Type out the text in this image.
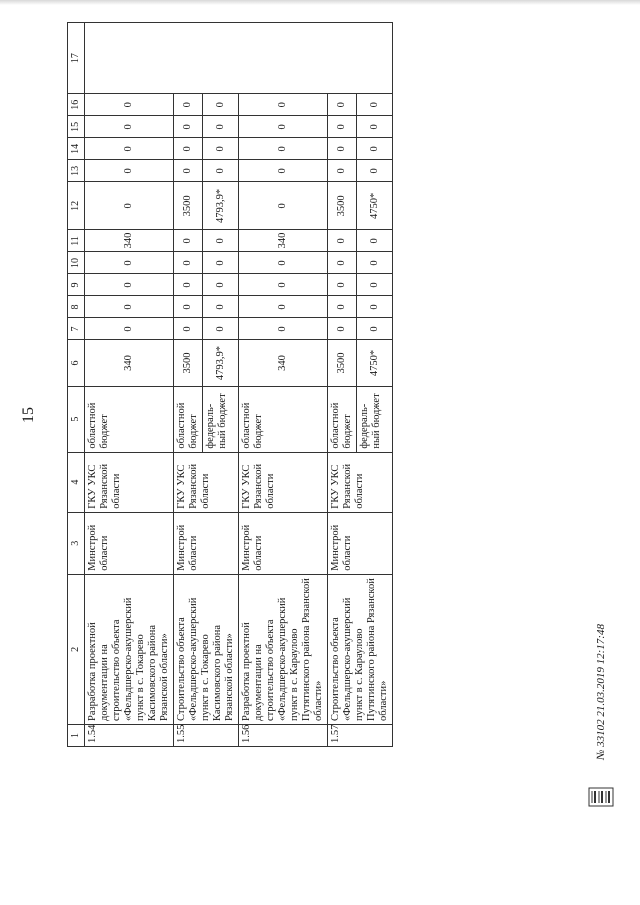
15
1	2	3	4	5	6	7	8	9	10	11	12	13	14	15	16	17
1.54	Разработка проектной документации на строительство объекта «Фельдшерско-акушерский пункт в с. Токарево Касимовского района Рязанской области»	Минстрой области	ГКУ УКС Рязанской области	областной бюджет	340	0	0	0	0	340	0	0	0	0	0	
1.55	Строительство объекта «Фельдшерско-акушерский пункт в с. Токарево Касимовского района Рязанской области»	Минстрой области	ГКУ УКС Рязанской области	областной бюджет	3500	0	0	0	0	0	3500	0	0	0	0	
				федераль-ный бюджет	4793,9*	0	0	0	0	0	4793,9*	0	0	0	0	
1.56	Разработка проектной документации на строительство объекта «Фельдшерско-акушерский пункт в с. Караулово Путятинского района Рязанской области»	Минстрой области	ГКУ УКС Рязанской области	областной бюджет	340	0	0	0	0	340	0	0	0	0	0	
1.57	Строительство объекта «Фельдшерско-акушерский пункт в с. Караулово Путятинского района Рязанской области»	Минстрой области	ГКУ УКС Рязанской области	областной бюджет	3500	0	0	0	0	0	3500	0	0	0	0	
				федераль-ный бюджет	4750*	0	0	0	0	0	4750*	0	0	0	0	
№ 33102 21.03.2019 12:17:48
